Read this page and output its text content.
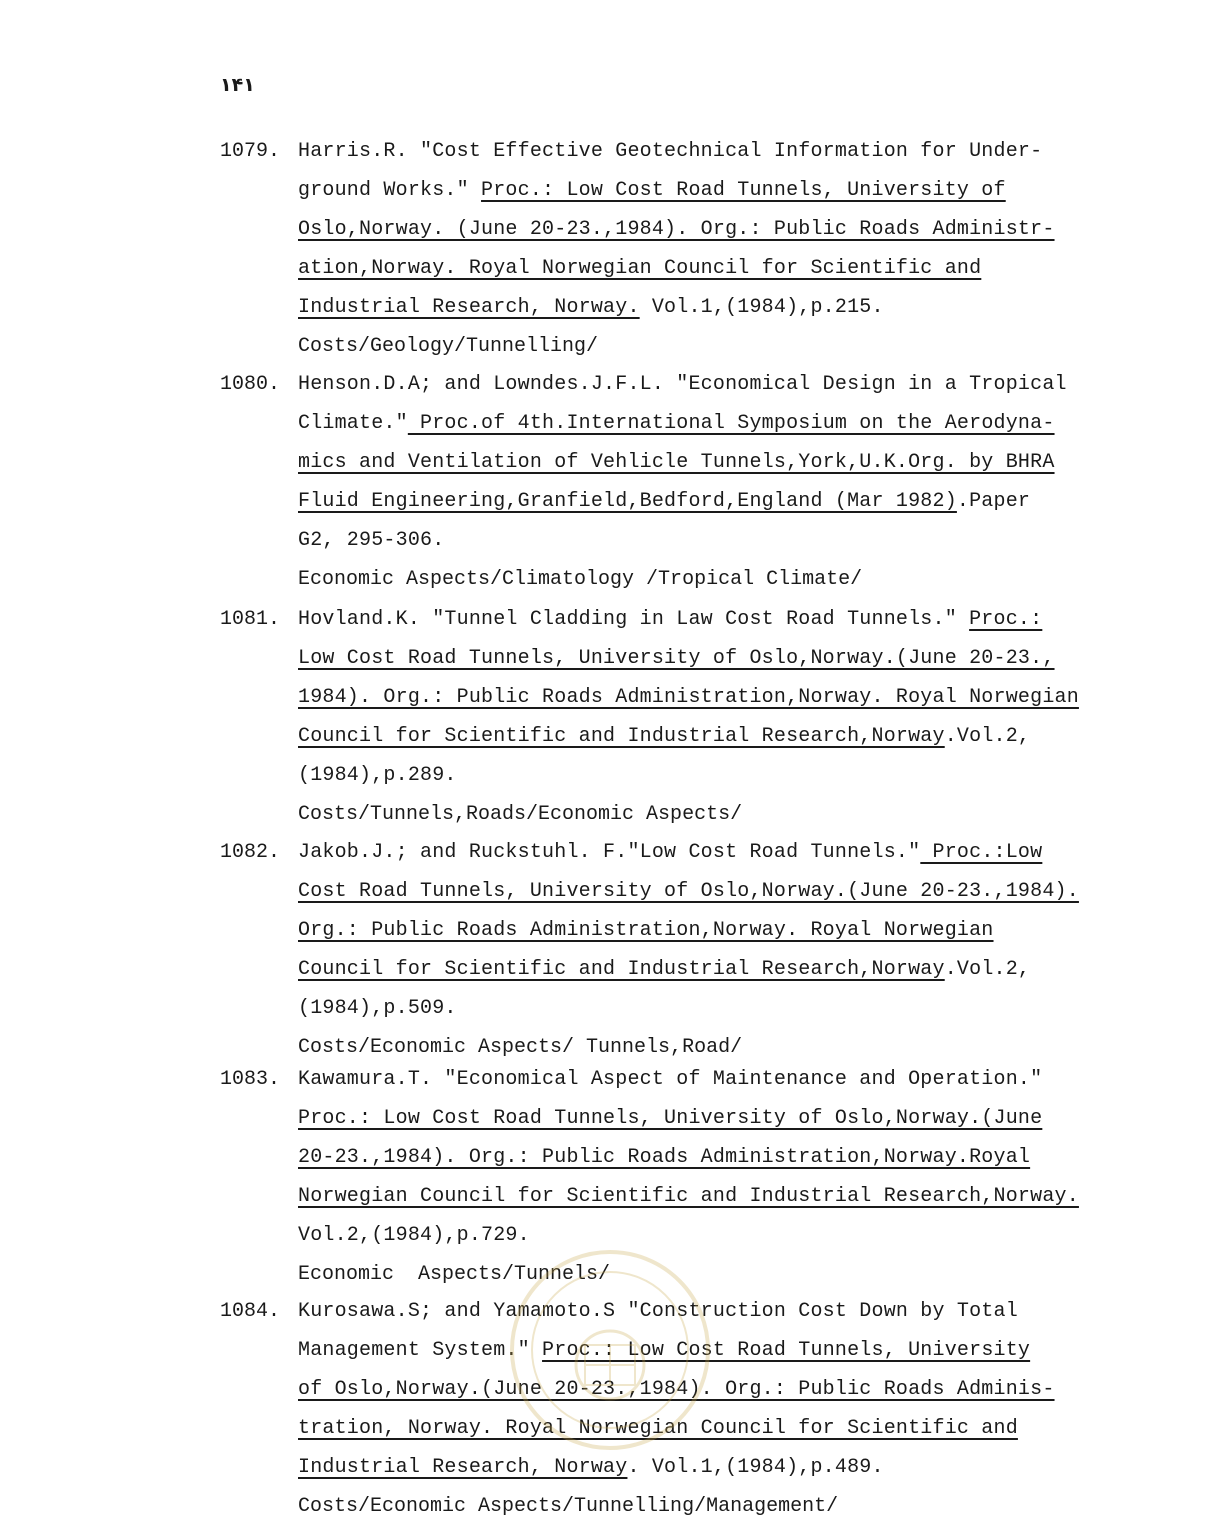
۱۴۱
1079. Harris.R. "Cost Effective Geotechnical Information for Under-
ground Works." Proc.: Low Cost Road Tunnels, University of
Oslo,Norway. (June 20-23.,1984). Org.: Public Roads Administr-
ation,Norway. Royal Norwegian Council for Scientific and
Industrial Research, Norway. Vol.1,(1984),p.215.
Costs/Geology/Tunnelling/
1080. Henson.D.A; and Lowndes.J.F.L. "Economical Design in a Tropical
Climate." Proc.of 4th.International Symposium on the Aerodyna-
mics and Ventilation of Vehlicle Tunnels,York,U.K.Org. by BHRA
Fluid Engineering,Granfield,Bedford,England (Mar 1982).Paper
G2, 295-306.
Economic Aspects/Climatology /Tropical Climate/
1081. Hovland.K. "Tunnel Cladding in Law Cost Road Tunnels." Proc.:
Low Cost Road Tunnels, University of Oslo,Norway.(June 20-23.,
1984). Org.: Public Roads Administration,Norway. Royal Norwegian
Council for Scientific and Industrial Research,Norway.Vol.2,
(1984),p.289.
Costs/Tunnels,Roads/Economic Aspects/
1082. Jakob.J.; and Ruckstuhl. F."Low Cost Road Tunnels." Proc.:Low
Cost Road Tunnels, University of Oslo,Norway.(June 20-23.,1984).
Org.: Public Roads Administration,Norway. Royal Norwegian
Council for Scientific and Industrial Research,Norway.Vol.2,
(1984),p.509.
Costs/Economic Aspects/ Tunnels,Road/
1083. Kawamura.T. "Economical Aspect of Maintenance and Operation."
Proc.: Low Cost Road Tunnels, University of Oslo,Norway.(June
20-23.,1984). Org.: Public Roads Administration,Norway.Royal
Norwegian Council for Scientific and Industrial Research,Norway.
Vol.2,(1984),p.729.
Economic  Aspects/Tunnels/
1084. Kurosawa.S; and Yamamoto.S "Construction Cost Down by Total
Management System." Proc.: Low Cost Road Tunnels, University
of Oslo,Norway.(June 20-23.,1984). Org.: Public Roads Adminis-
tration, Norway. Royal Norwegian Council for Scientific and
Industrial Research, Norway. Vol.1,(1984),p.489.
Costs/Economic Aspects/Tunnelling/Management/
